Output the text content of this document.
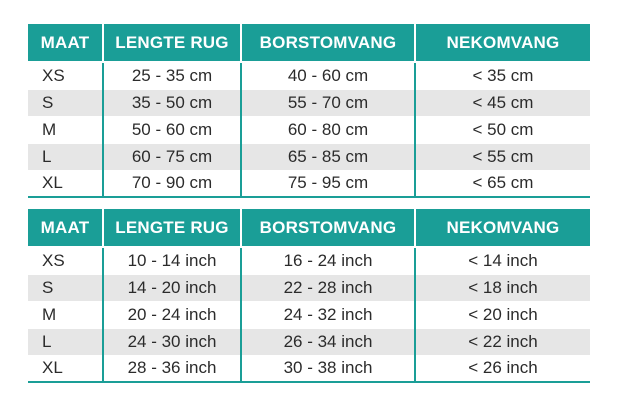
MAAT	LENGTE RUG	BORSTOMVANG	NEKOMVANG
XS	25 - 35 cm	40 - 60 cm	< 35 cm
S	35 - 50 cm	55 - 70 cm	< 45 cm
M	50 - 60 cm	60 - 80 cm	< 50 cm
L	60 - 75 cm	65 - 85 cm	< 55 cm
XL	70 - 90 cm	75 - 95 cm	< 65 cm
MAAT	LENGTE RUG	BORSTOMVANG	NEKOMVANG
XS	10 - 14 inch	16 - 24 inch	< 14 inch
S	14 - 20 inch	22 - 28 inch	< 18 inch
M	20 - 24 inch	24 - 32 inch	< 20 inch
L	24 - 30 inch	26 - 34 inch	< 22 inch
XL	28 - 36 inch	30 - 38 inch	< 26 inch
